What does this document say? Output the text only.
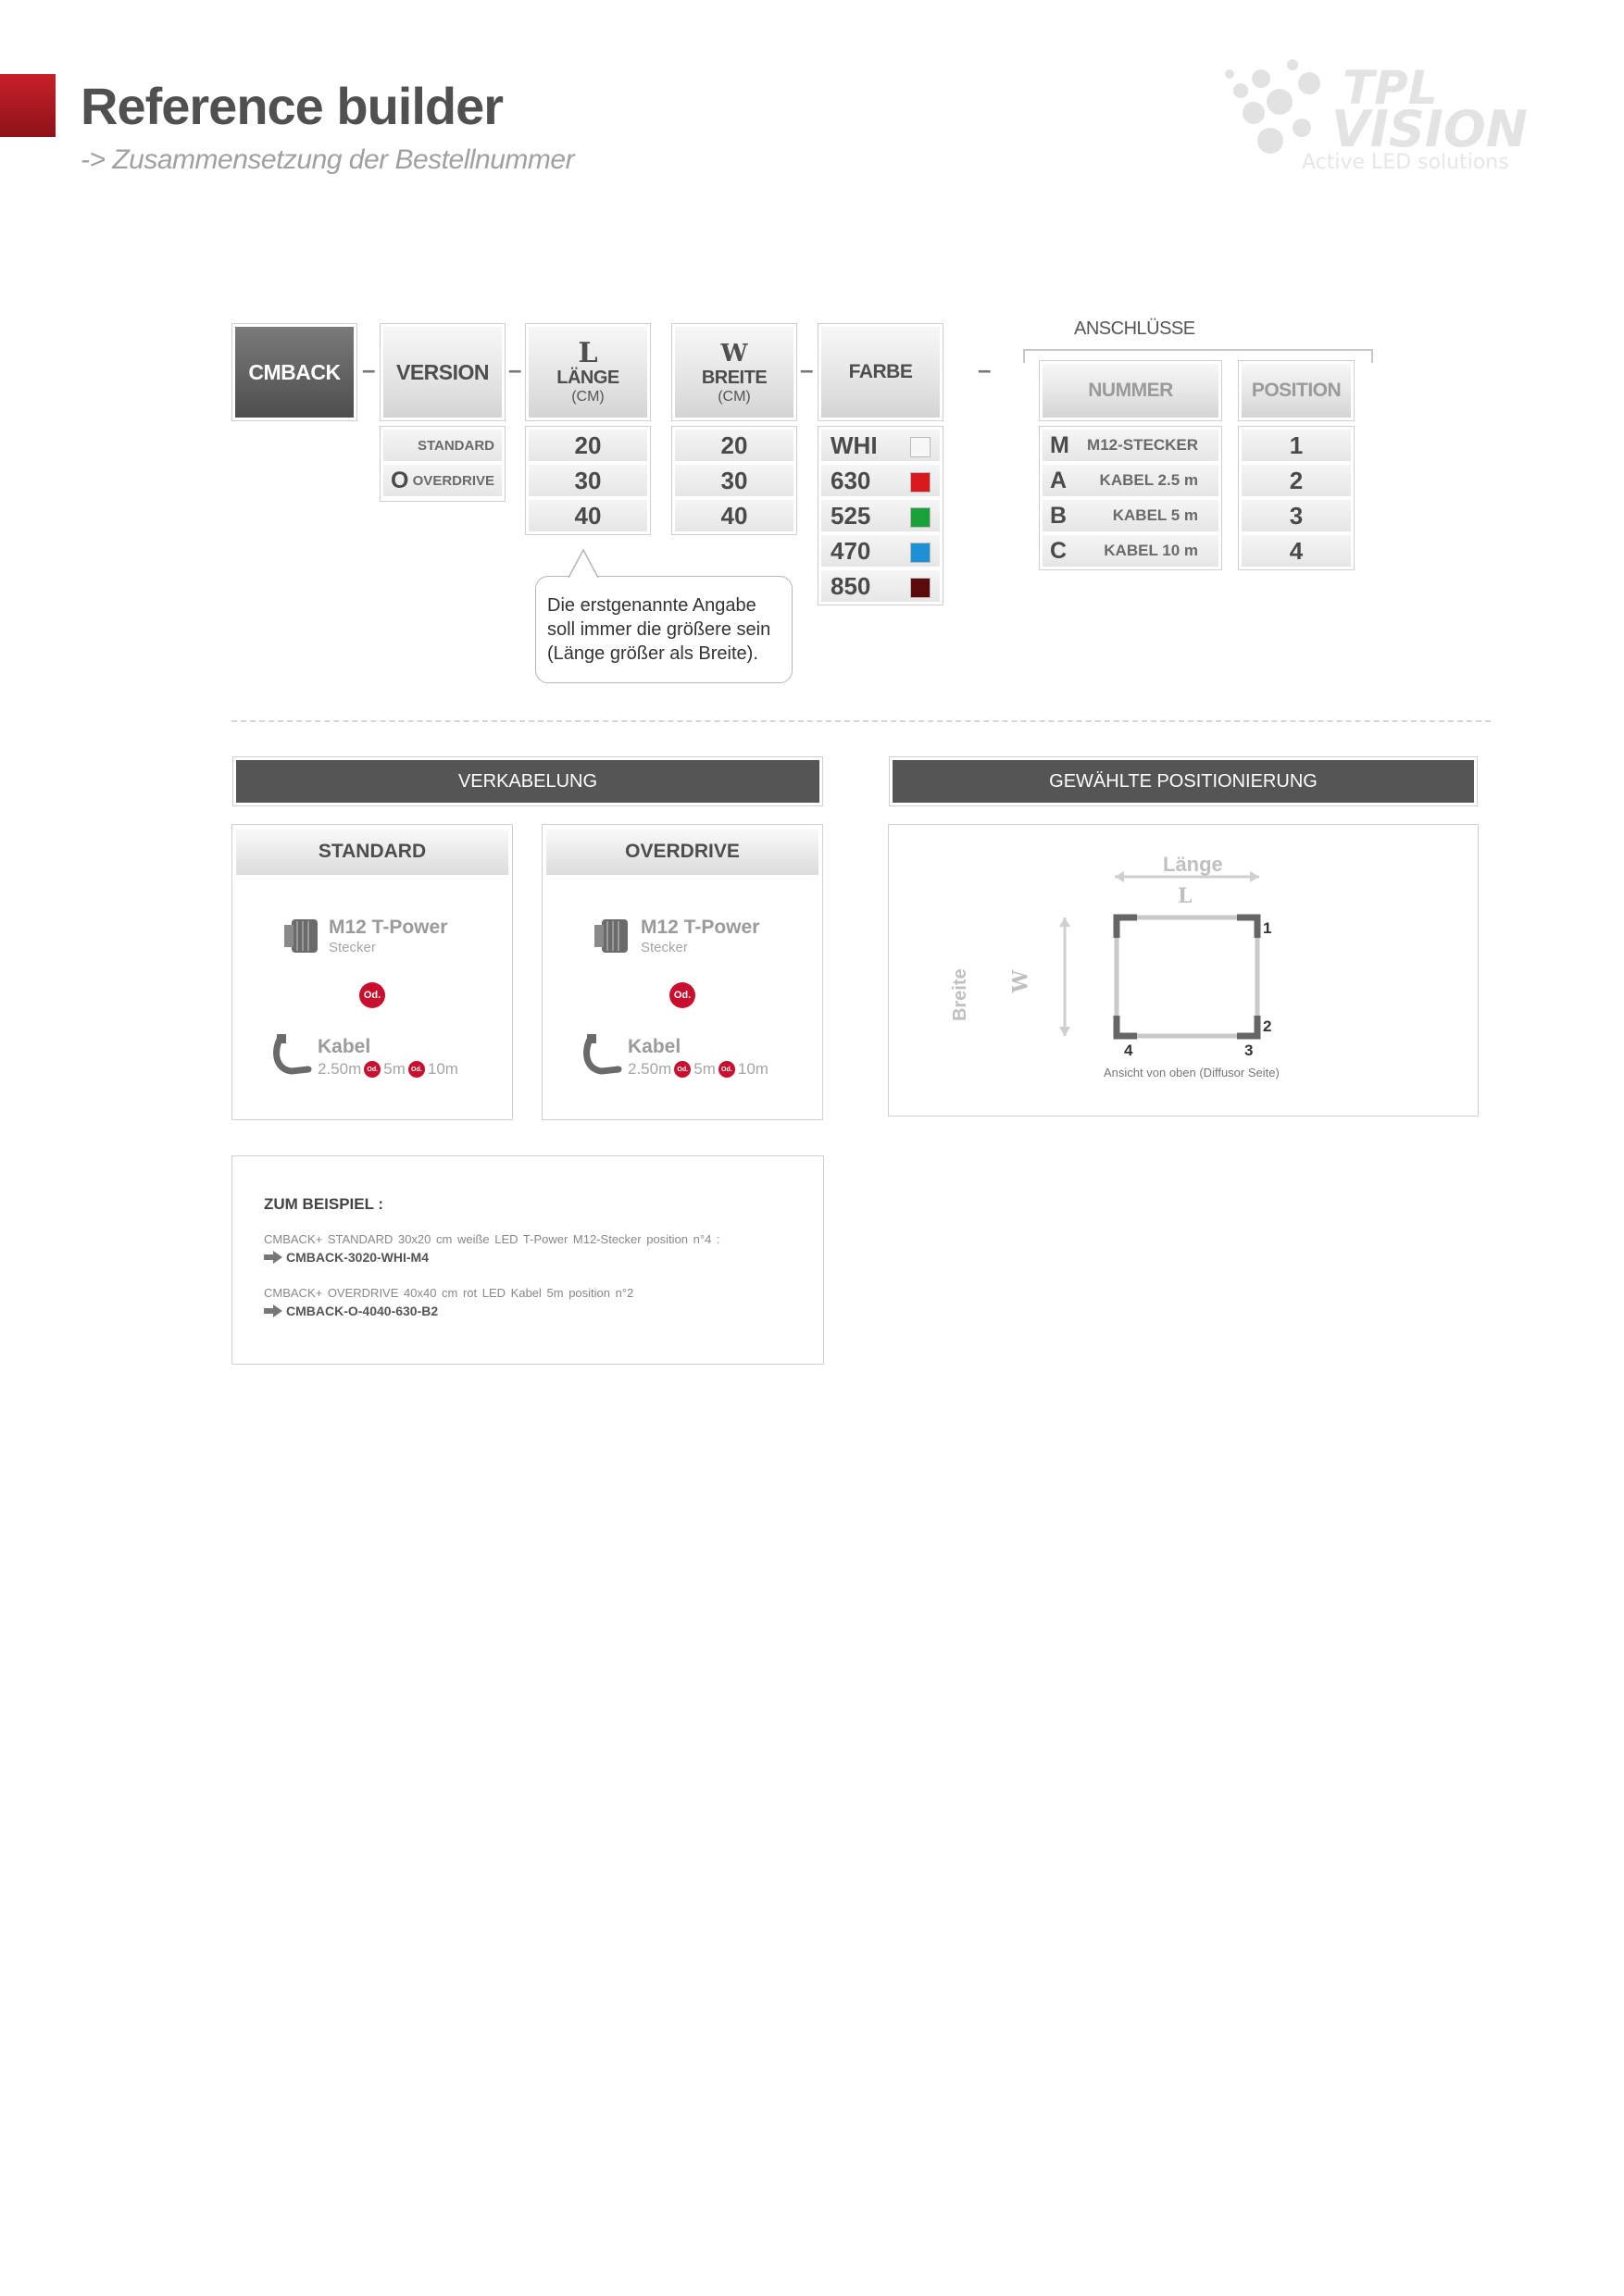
Reference builder
-> Zusammensetzung der Bestellnummer
TPL
VISION
Active LED solutions
CMBACK – VERSION
STANDARD
O OVERDRIVE
–
L
LÄNGE
(CM)
20
30
40
W
BREITE
(CM)
20
30
40
– FARBE
WHI
630
525
470
850
–
ANSCHLÜSSE
NUMMER
M M12-STECKER
A KABEL 2.5 m
B	KABEL 5 m
C KABEL 10 m
POSITION
1
2
3
4
Die erstgenannte Angabe soll immer die größere sein (Länge größer als Breite).
VERKABELUNG
STANDARD
M12 T-Power
Stecker
Od.
Kabel
2.50m Od. 5m Od. 10m
OVERDRIVE
M12 T-Power
Stecker
Od.
Kabel
2.50m Od. 5m Od. 10m
GEWÄHLTE POSITIONIERUNG
Länge
L
W
Breite
1
2
3
4
Ansicht von oben (Diffusor Seite)
ZUM BEISPIEL :
CMBACK+ STANDARD 30x20 cm weiße LED T-Power M12-Stecker position n°4 :
CMBACK-3020-WHI-M4
CMBACK+ OVERDRIVE 40x40 cm rot LED Kabel 5m position n°2
CMBACK-O-4040-630-B2
